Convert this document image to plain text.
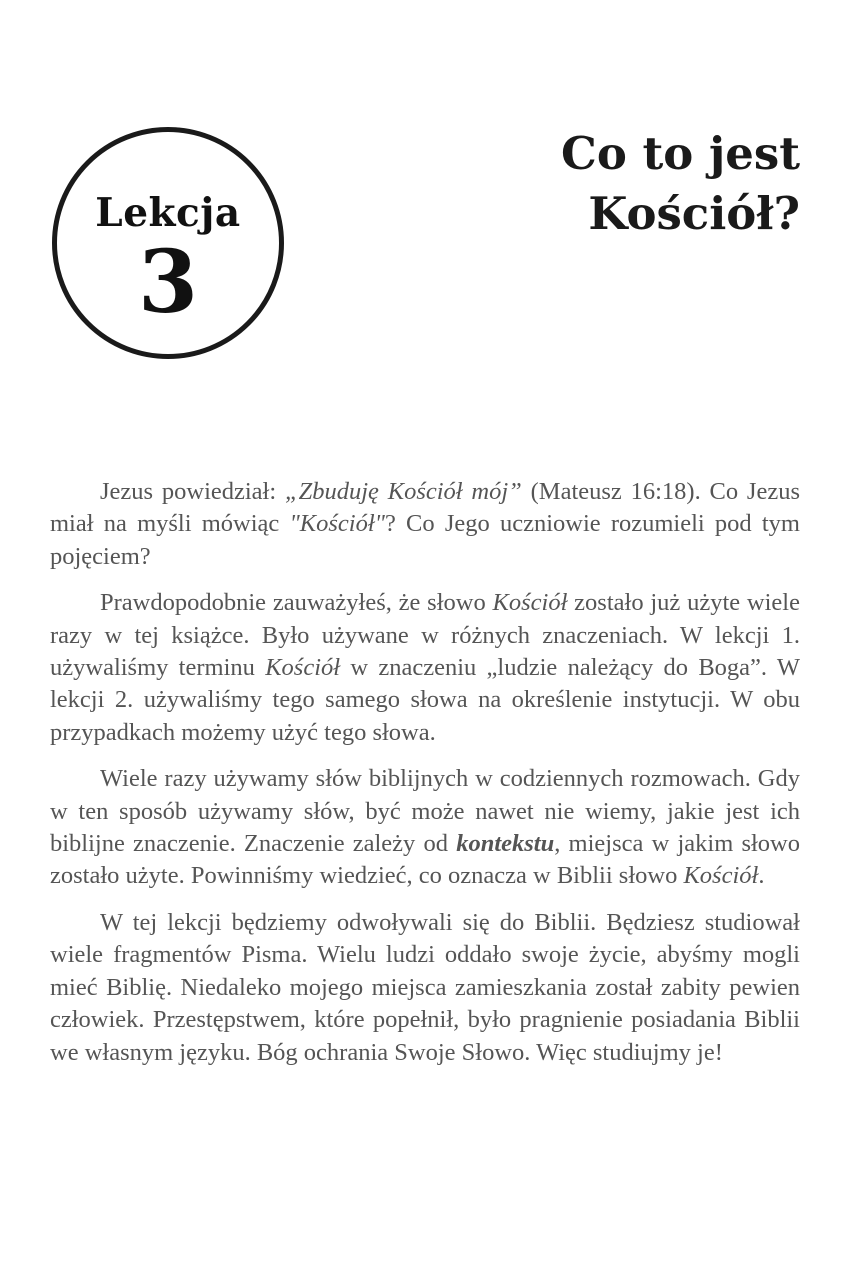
Lekcja
3
Co to jest
Kościół?

Jezus powiedział: „Zbuduję Kościół mój” (Mateusz 16:18). Co Jezus miał na myśli mówiąc "Kościół"? Co Jego uczniowie rozumieli pod tym pojęciem?

Prawdopodobnie zauważyłeś, że słowo Kościół zostało już użyte wiele razy w tej książce. Było używane w różnych znaczeniach. W lekcji 1. używaliśmy terminu Kościół w znaczeniu „ludzie należący do Boga”. W lekcji 2. używaliśmy tego samego słowa na określenie instytucji. W obu przypadkach możemy użyć tego słowa.

Wiele razy używamy słów biblijnych w codziennych rozmowach. Gdy w ten sposób używamy słów, być może nawet nie wiemy, jakie jest ich biblijne znaczenie. Znaczenie zależy od kontekstu, miejsca w jakim słowo zostało użyte. Powinniśmy wiedzieć, co oznacza w Biblii słowo Kościół.

W tej lekcji będziemy odwoływali się do Biblii. Będziesz studiował wiele fragmentów Pisma. Wielu ludzi oddało swoje życie, abyśmy mogli mieć Biblię. Niedaleko mojego miejsca zamieszkania został zabity pewien człowiek. Przestępstwem, które popełnił, było pragnienie posiadania Biblii we własnym języku. Bóg ochrania Swoje Słowo. Więc studiujmy je!
